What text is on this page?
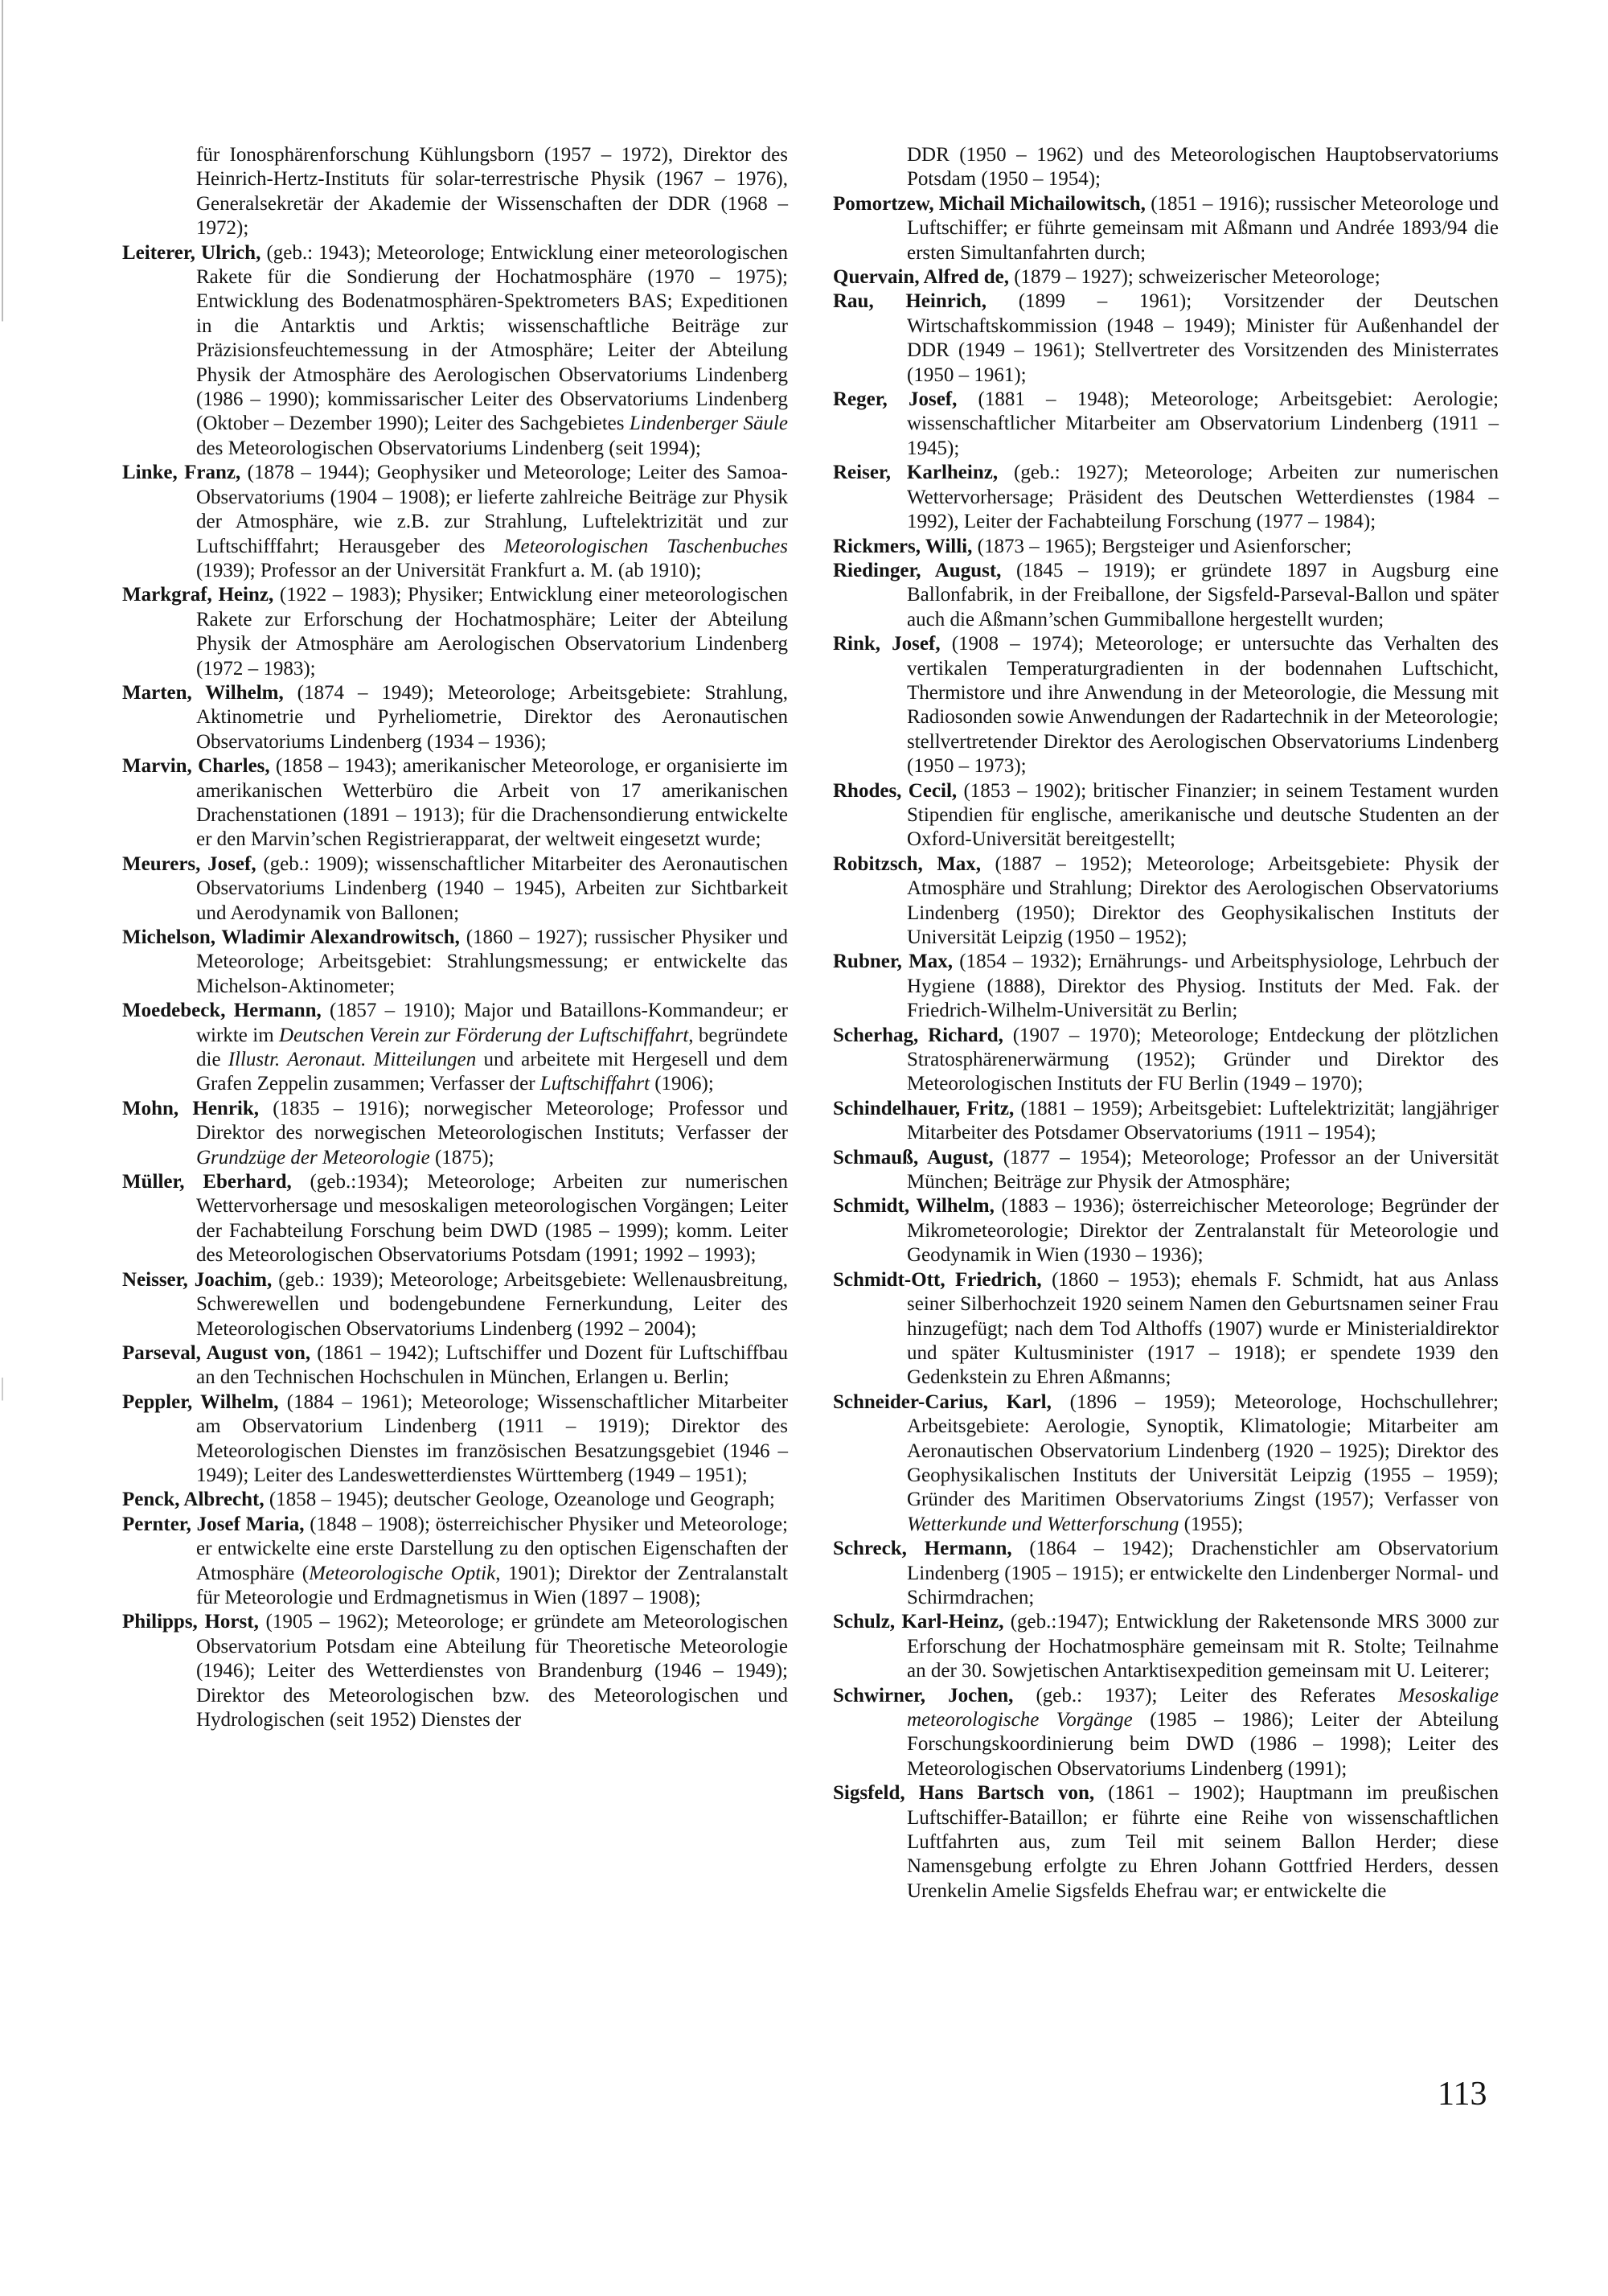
für Ionosphärenforschung Kühlungsborn (1957 – 1972), Direktor des Heinrich-Hertz-Instituts für solar-terrestrische Physik (1967 – 1976), Generalsekretär der Akademie der Wissenschaften der DDR (1968 – 1972);

Leiterer, Ulrich, (geb.: 1943); Meteorologe; Entwicklung einer meteorologischen Rakete für die Sondierung der Hochatmosphäre (1970 – 1975); Entwicklung des Bodenatmosphären-Spektrometers BAS; Expeditionen in die Antarktis und Arktis; wissenschaftliche Beiträge zur Präzisionsfeuchtemessung in der Atmosphäre; Leiter der Abteilung Physik der Atmosphäre des Aerologischen Observatoriums Lindenberg (1986 – 1990); kommissarischer Leiter des Observatoriums Lindenberg (Oktober – Dezember 1990); Leiter des Sachgebietes Lindenberger Säule des Meteorologischen Observatoriums Lindenberg (seit 1994);

Linke, Franz, (1878 – 1944); Geophysiker und Meteorologe; Leiter des Samoa-Observatoriums (1904 – 1908); er lieferte zahlreiche Beiträge zur Physik der Atmosphäre, wie z.B. zur Strahlung, Luftelektrizität und zur Luftschifffahrt; Herausgeber des Meteorologischen Taschenbuches (1939); Professor an der Universität Frankfurt a. M. (ab 1910);

Markgraf, Heinz, (1922 – 1983); Physiker; Entwicklung einer meteorologischen Rakete zur Erforschung der Hochatmosphäre; Leiter der Abteilung Physik der Atmosphäre am Aerologischen Observatorium Lindenberg (1972 – 1983);

Marten, Wilhelm, (1874 – 1949); Meteorologe; Arbeitsgebiete: Strahlung, Aktinometrie und Pyrheliometrie, Direktor des Aeronautischen Observatoriums Lindenberg (1934 – 1936);

Marvin, Charles, (1858 – 1943); amerikanischer Meteorologe, er organisierte im amerikanischen Wetterbüro die Arbeit von 17 amerikanischen Drachenstationen (1891 – 1913); für die Drachensondierung entwickelte er den Marvin’schen Registrierapparat, der weltweit eingesetzt wurde;

Meurers, Josef, (geb.: 1909); wissenschaftlicher Mitarbeiter des Aeronautischen Observatoriums Lindenberg (1940 – 1945), Arbeiten zur Sichtbarkeit und Aerodynamik von Ballonen;

Michelson, Wladimir Alexandrowitsch, (1860 – 1927); russischer Physiker und Meteorologe; Arbeitsgebiet: Strahlungsmessung; er entwickelte das Michelson-Aktinometer;

Moedebeck, Hermann, (1857 – 1910); Major und Bataillons-Kommandeur; er wirkte im Deutschen Verein zur Förderung der Luftschiffahrt, begründete die Illustr. Aeronaut. Mitteilungen und arbeitete mit Hergesell und dem Grafen Zeppelin zusammen; Verfasser der Luftschiffahrt (1906);

Mohn, Henrik, (1835 – 1916); norwegischer Meteorologe; Professor und Direktor des norwegischen Meteorologischen Instituts; Verfasser der Grundzüge der Meteorologie (1875);

Müller, Eberhard, (geb.:1934); Meteorologe; Arbeiten zur numerischen Wettervorhersage und mesoskaligen meteorologischen Vorgängen; Leiter der Fachabteilung Forschung beim DWD (1985 – 1999); komm. Leiter des Meteorologischen Observatoriums Potsdam (1991; 1992 – 1993);

Neisser, Joachim, (geb.: 1939); Meteorologe; Arbeitsgebiete: Wellenausbreitung, Schwerewellen und bodengebundene Fernerkundung, Leiter des Meteorologischen Observatoriums Lindenberg (1992 – 2004);

Parseval, August von, (1861 – 1942); Luftschiffer und Dozent für Luftschiffbau an den Technischen Hochschulen in München, Erlangen u. Berlin;

Peppler, Wilhelm, (1884 – 1961); Meteorologe; Wissenschaftlicher Mitarbeiter am Observatorium Lindenberg (1911 – 1919); Direktor des Meteorologischen Dienstes im französischen Besatzungsgebiet (1946 – 1949); Leiter des Landeswetterdienstes Württemberg (1949 – 1951);

Penck, Albrecht, (1858 – 1945); deutscher Geologe, Ozeanologe und Geograph;

Pernter, Josef Maria, (1848 – 1908); österreichischer Physiker und Meteorologe; er entwickelte eine erste Darstellung zu den optischen Eigenschaften der Atmosphäre (Meteorologische Optik, 1901); Direktor der Zentralanstalt für Meteorologie und Erdmagnetismus in Wien (1897 – 1908);

Philipps, Horst, (1905 – 1962); Meteorologe; er gründete am Meteorologischen Observatorium Potsdam eine Abteilung für Theoretische Meteorologie (1946); Leiter des Wetterdienstes von Brandenburg (1946 – 1949); Direktor des Meteorologischen bzw. des Meteorologischen und Hydrologischen (seit 1952) Dienstes der

DDR (1950 – 1962) und des Meteorologischen Hauptobservatoriums Potsdam (1950 – 1954);

Pomortzew, Michail Michailowitsch, (1851 – 1916); russischer Meteorologe und Luftschiffer; er führte gemeinsam mit Aßmann und Andrée 1893/94 die ersten Simultanfahrten durch;

Quervain, Alfred de, (1879 – 1927); schweizerischer Meteorologe;

Rau, Heinrich, (1899 – 1961); Vorsitzender der Deutschen Wirtschaftskommission (1948 – 1949); Minister für Außenhandel der DDR (1949 – 1961); Stellvertreter des Vorsitzenden des Ministerrates (1950 – 1961);

Reger, Josef, (1881 – 1948); Meteorologe; Arbeitsgebiet: Aerologie; wissenschaftlicher Mitarbeiter am Observatorium Lindenberg (1911 – 1945);

Reiser, Karlheinz, (geb.: 1927); Meteorologe; Arbeiten zur numerischen Wettervorhersage; Präsident des Deutschen Wetterdienstes (1984 – 1992), Leiter der Fachabteilung Forschung (1977 – 1984);

Rickmers, Willi, (1873 – 1965); Bergsteiger und Asienforscher;

Riedinger, August, (1845 – 1919); er gründete 1897 in Augsburg eine Ballonfabrik, in der Freiballone, der Sigsfeld-Parseval-Ballon und später auch die Aßmann’schen Gummiballone hergestellt wurden;

Rink, Josef, (1908 – 1974); Meteorologe; er untersuchte das Verhalten des vertikalen Temperaturgradienten in der bodennahen Luftschicht, Thermistore und ihre Anwendung in der Meteorologie, die Messung mit Radiosonden sowie Anwendungen der Radartechnik in der Meteorologie; stellvertretender Direktor des Aerologischen Observatoriums Lindenberg (1950 – 1973);

Rhodes, Cecil, (1853 – 1902); britischer Finanzier; in seinem Testament wurden Stipendien für englische, amerikanische und deutsche Studenten an der Oxford-Universität bereitgestellt;

Robitzsch, Max, (1887 – 1952); Meteorologe; Arbeitsgebiete: Physik der Atmosphäre und Strahlung; Direktor des Aerologischen Observatoriums Lindenberg (1950); Direktor des Geophysikalischen Instituts der Universität Leipzig (1950 – 1952);

Rubner, Max, (1854 – 1932); Ernährungs- und Arbeitsphysiologe, Lehrbuch der Hygiene (1888), Direktor des Physiog. Instituts der Med. Fak. der Friedrich-Wilhelm-Universität zu Berlin;

Scherhag, Richard, (1907 – 1970); Meteorologe; Entdeckung der plötzlichen Stratosphärenerwärmung (1952); Gründer und Direktor des Meteorologischen Instituts der FU Berlin (1949 – 1970);

Schindelhauer, Fritz, (1881 – 1959); Arbeitsgebiet: Luftelektrizität; langjähriger Mitarbeiter des Potsdamer Observatoriums (1911 – 1954);

Schmauß, August, (1877 – 1954); Meteorologe; Professor an der Universität München; Beiträge zur Physik der Atmosphäre;

Schmidt, Wilhelm, (1883 – 1936); österreichischer Meteorologe; Begründer der Mikrometeorologie; Direktor der Zentralanstalt für Meteorologie und Geodynamik in Wien (1930 – 1936);

Schmidt-Ott, Friedrich, (1860 – 1953); ehemals F. Schmidt, hat aus Anlass seiner Silberhochzeit 1920 seinem Namen den Geburtsnamen seiner Frau hinzugefügt; nach dem Tod Althoffs (1907) wurde er Ministerialdirektor und später Kultusminister (1917 – 1918); er spendete 1939 den Gedenkstein zu Ehren Aßmanns;

Schneider-Carius, Karl, (1896 – 1959); Meteorologe, Hochschullehrer; Arbeitsgebiete: Aerologie, Synoptik, Klimatologie; Mitarbeiter am Aeronautischen Observatorium Lindenberg (1920 – 1925); Direktor des Geophysikalischen Instituts der Universität Leipzig (1955 – 1959); Gründer des Maritimen Observatoriums Zingst (1957); Verfasser von Wetterkunde und Wetterforschung (1955);

Schreck, Hermann, (1864 – 1942); Drachenstichler am Observatorium Lindenberg (1905 – 1915); er entwickelte den Lindenberger Normal- und Schirmdrachen;

Schulz, Karl-Heinz, (geb.:1947); Entwicklung der Raketensonde MRS 3000 zur Erforschung der Hochatmosphäre gemeinsam mit R. Stolte; Teilnahme an der 30. Sowjetischen Antarktisexpedition gemeinsam mit U. Leiterer;

Schwirner, Jochen, (geb.: 1937); Leiter des Referates Mesoskalige meteorologische Vorgänge (1985 – 1986); Leiter der Abteilung Forschungskoordinierung beim DWD (1986 – 1998); Leiter des Meteorologischen Observatoriums Lindenberg (1991);

Sigsfeld, Hans Bartsch von, (1861 – 1902); Hauptmann im preußischen Luftschiffer-Bataillon; er führte eine Reihe von wissenschaftlichen Luftfahrten aus, zum Teil mit seinem Ballon Herder; diese Namensgebung erfolgte zu Ehren Johann Gottfried Herders, dessen Urenkelin Amelie Sigsfelds Ehefrau war; er entwickelte die

113
